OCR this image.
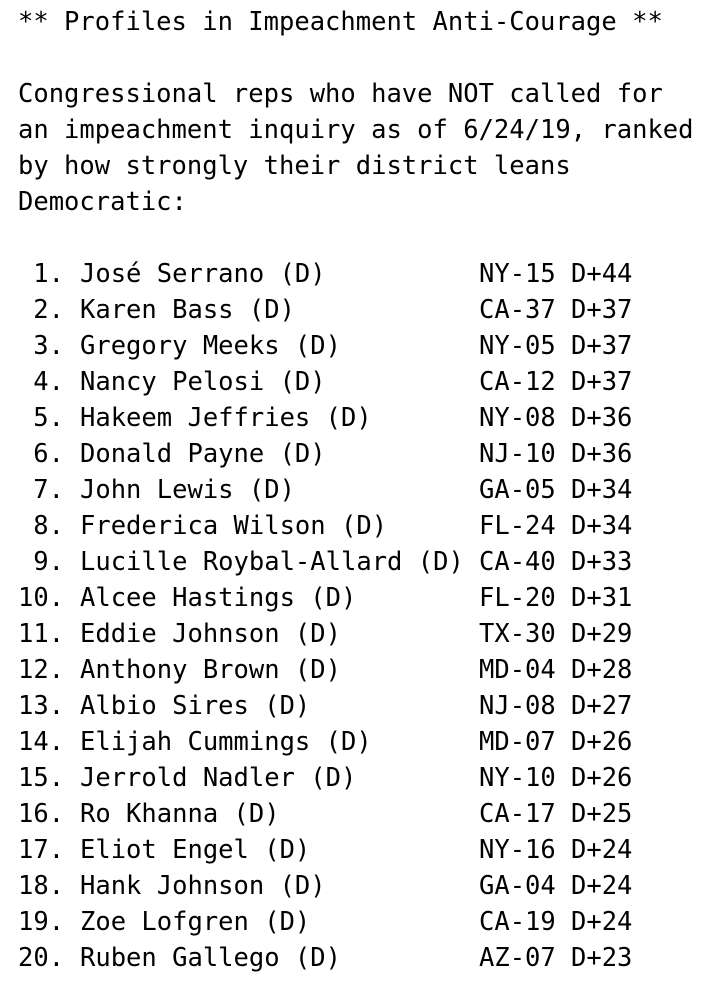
** Profiles in Impeachment Anti-Courage **
Congressional reps who have NOT called for
an impeachment inquiry as of 6/24/19, ranked
by how strongly their district leans
Democratic:
1. José Serrano (D)	NY-15 D+44
2. Karen Bass (D)	CA-37 D+37
3. Gregory Meeks (D)	NY-05 D+37
4. Nancy Pelosi (D)	CA-12 D+37
5. Hakeem Jeffries (D)	NY-08 D+36
6. Donald Payne (D)	NJ-10 D+36
7. John Lewis (D)	GA-05 D+34
8. Frederica Wilson (D)	FL-24 D+34
9. Lucille Roybal-Allard (D) CA-40 D+33
10. Alcee Hastings (D)	FL-20 D+31
11. Eddie Johnson (D)	TX-30 D+29
12. Anthony Brown (D)	MD-04 D+28
13. Albio Sires (D)	NJ-08 D+27
14. Elijah Cummings (D)	MD-07 D+26
15. Jerrold Nadler (D)	NY-10 D+26
16. Ro Khanna (D)	CA-17 D+25
17. Eliot Engel (D)	NY-16 D+24
18. Hank Johnson (D)	GA-04 D+24
19. Zoe Lofgren (D)	CA-19 D+24
20. Ruben Gallego (D)	AZ-07 D+23
